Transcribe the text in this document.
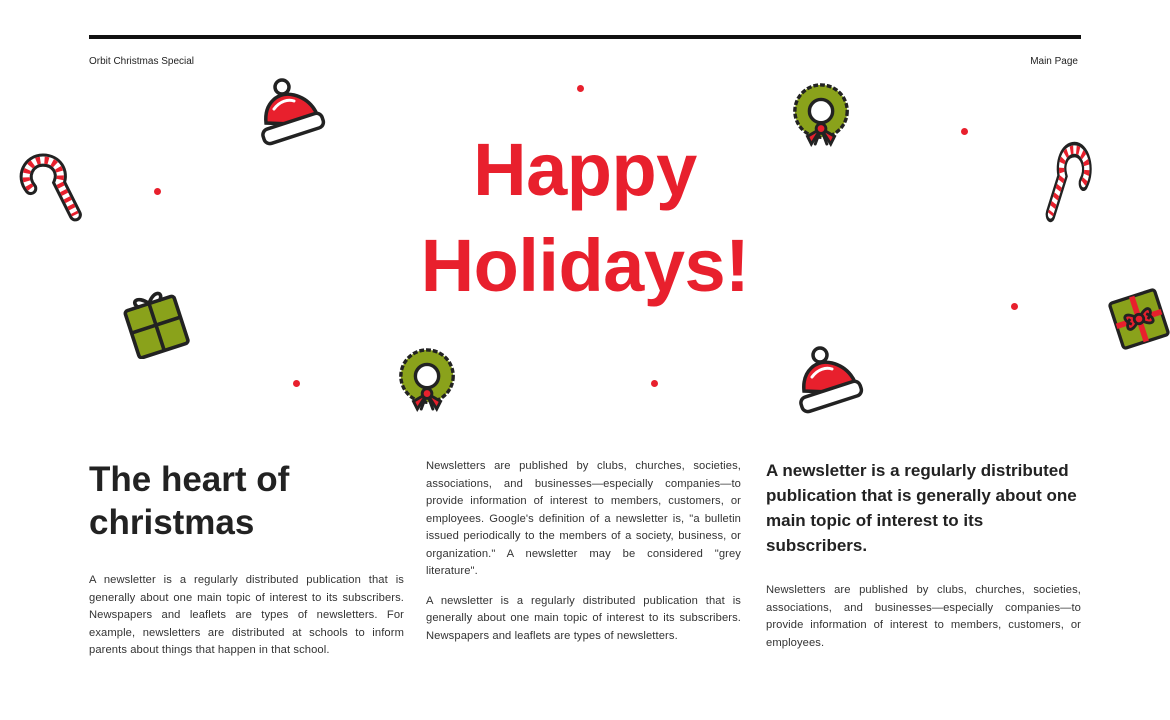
Orbit Christmas Special	Main Page
Happy
Holidays!
The heart of christmas

A newsletter is a regularly distributed publication that is generally about one main topic of interest to its subscribers. Newspapers and leaflets are types of newsletters. For example, newsletters are distributed at schools to inform parents about things that happen in that school.

Newsletters are published by clubs, churches, societies, associations, and businesses—especially companies—to provide information of interest to members, customers, or employees. Google's definition of a newsletter is, "a bulletin issued periodically to the members of a society, business, or organization." A newsletter may be considered "grey literature".

A newsletter is a regularly distributed publication that is generally about one main topic of interest to its subscribers. Newspapers and leaflets are types of newsletters.

A newsletter is a regularly distributed publication that is generally about one main topic of interest to its subscribers.

Newsletters are published by clubs, churches, societies, associations, and businesses—especially companies—to provide information of interest to members, customers, or employees.
